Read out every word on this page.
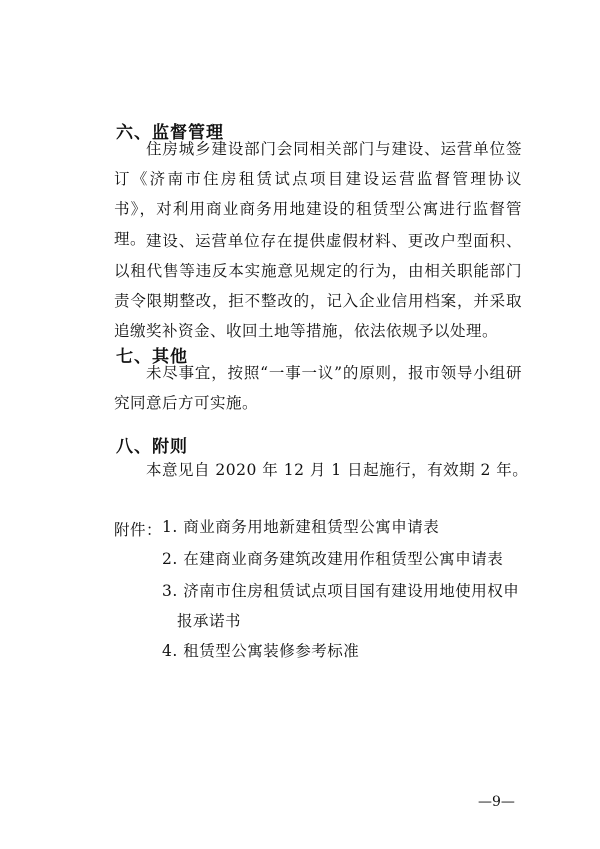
六、监督管理
住房城乡建设部门会同相关部门与建设、运营单位签订《济南市住房租赁试点项目建设运营监督管理协议书》，对利用商业商务用地建设的租赁型公寓进行监督管理。 建设、运营单位存在提供虚假材料、更改户型面积、以租代售等违反本实施意见规定的行为，由相关职能部门责令限期整改，拒不整改的，记入企业信用档案，并采取追缴奖补资金、收回土地等措施，依法依规予以处理。
七、其他
未尽事宜，按照“一事一议”的原则，报市领导小组研究同意后方可实施。
八、附则
本意见自 2020 年 12 月 1 日起施行，有效期 2 年。
附件： 1. 商业商务用地新建租赁型公寓申请表
2. 在建商业商务建筑改建用作租赁型公寓申请表
3. 济南市住房租赁试点项目国有建设用地使用权申报承诺书
4. 租赁型公寓装修参考标准
—9—
